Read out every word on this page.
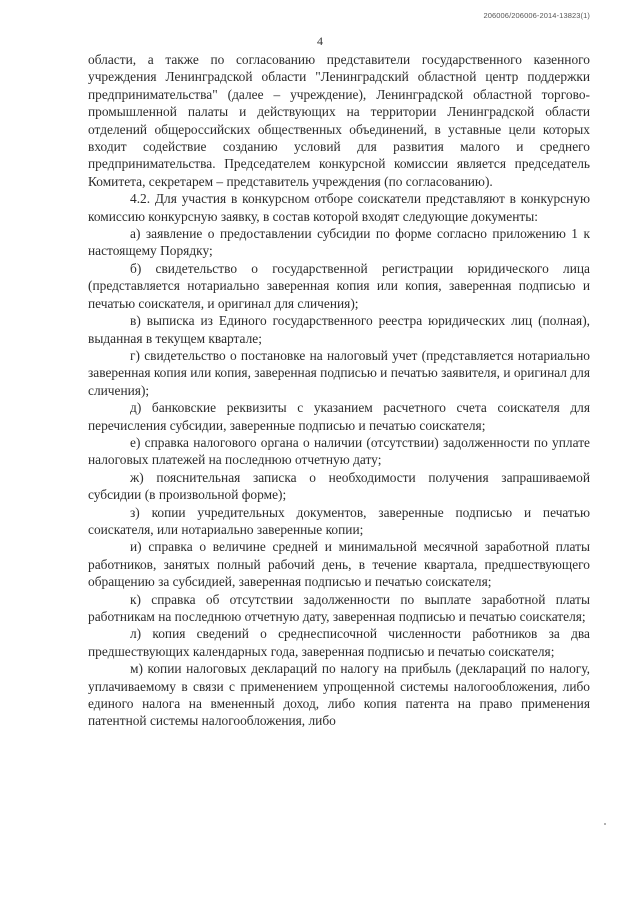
206006/206006-2014-13823(1)
4

области, а также по согласованию представители государственного казенного учреждения Ленинградской области "Ленинградский областной центр поддержки предпринимательства" (далее – учреждение), Ленинградской областной торгово-промышленной палаты и действующих на территории Ленинградской области отделений общероссийских общественных объединений, в уставные цели которых входит содействие созданию условий для развития малого и среднего предпринимательства. Председателем конкурсной комиссии является председатель Комитета, секретарем – представитель учреждения (по согласованию).

4.2. Для участия в конкурсном отборе соискатели представляют в конкурсную комиссию конкурсную заявку, в состав которой входят следующие документы:

а) заявление о предоставлении субсидии по форме согласно приложению 1 к настоящему Порядку;

б) свидетельство о государственной регистрации юридического лица (представляется нотариально заверенная копия или копия, заверенная подписью и печатью соискателя, и оригинал для сличения);

в) выписка из Единого государственного реестра юридических лиц (полная), выданная в текущем квартале;

г) свидетельство о постановке на налоговый учет (представляется нотариально заверенная копия или копия, заверенная подписью и печатью заявителя, и оригинал для сличения);

д) банковские реквизиты с указанием расчетного счета соискателя для перечисления субсидии, заверенные подписью и печатью соискателя;

е) справка налогового органа о наличии (отсутствии) задолженности по уплате налоговых платежей на последнюю отчетную дату;

ж) пояснительная записка о необходимости получения запрашиваемой субсидии (в произвольной форме);

з) копии учредительных документов, заверенные подписью и печатью соискателя, или нотариально заверенные копии;

и) справка о величине средней и минимальной месячной заработной платы работников, занятых полный рабочий день, в течение квартала, предшествующего обращению за субсидией, заверенная подписью и печатью соискателя;

к) справка об отсутствии задолженности по выплате заработной платы работникам на последнюю отчетную дату, заверенная подписью и печатью соискателя;

л) копия сведений о среднесписочной численности работников за два предшествующих календарных года, заверенная подписью и печатью соискателя;

м) копии налоговых деклараций по налогу на прибыль (деклараций по налогу, уплачиваемому в связи с применением упрощенной системы налогообложения, либо единого налога на вмененный доход, либо копия патента на право применения патентной системы налогообложения, либо
